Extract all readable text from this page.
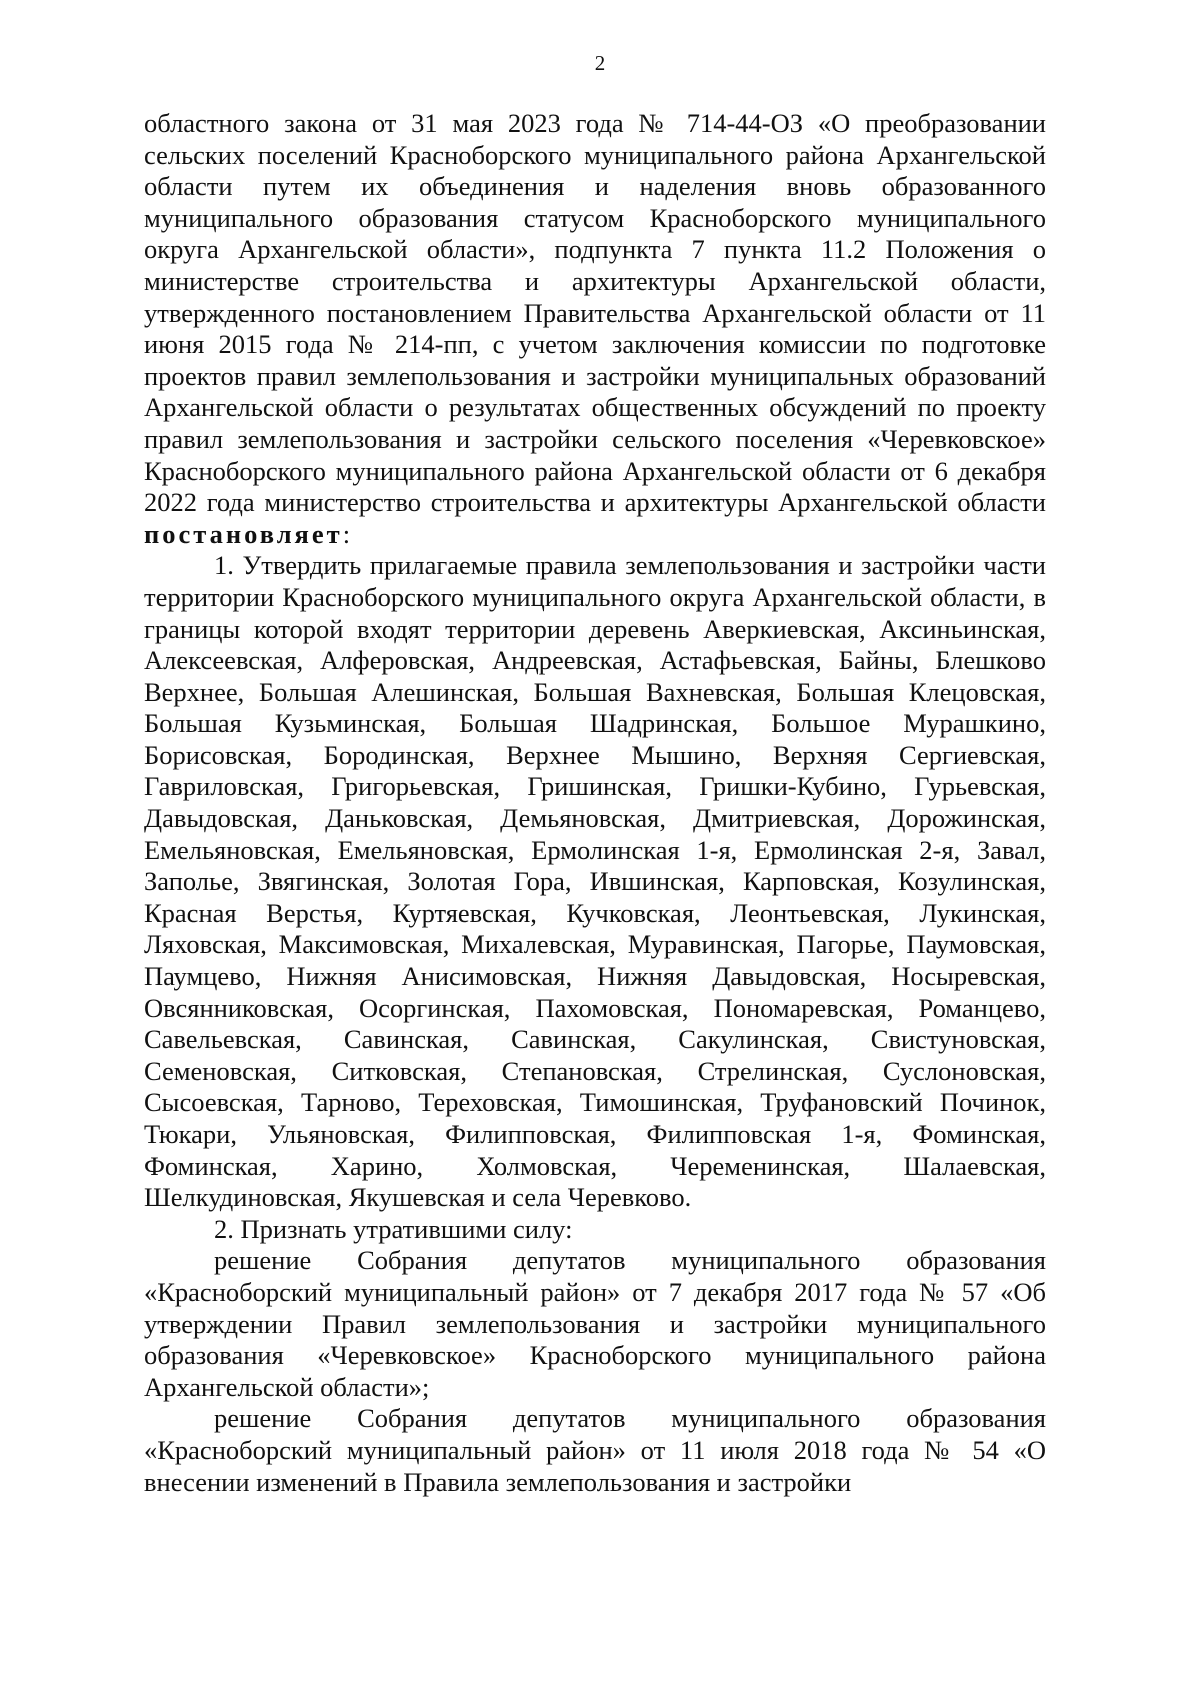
2

областного закона от 31 мая 2023 года № 714-44-ОЗ «О преобразовании сельских поселений Красноборского муниципального района Архангельской области путем их объединения и наделения вновь образованного муниципального образования статусом Красноборского муниципального округа Архангельской области», подпункта 7 пункта 11.2 Положения о министерстве строительства и архитектуры Архангельской области, утвержденного постановлением Правительства Архангельской области от 11 июня 2015 года № 214-пп, с учетом заключения комиссии по подготовке проектов правил землепользования и застройки муниципальных образований Архангельской области о результатах общественных обсуждений по проекту правил землепользования и застройки сельского поселения «Черевковское» Красноборского муниципального района Архангельской области от 6 декабря 2022 года министерство строительства и архитектуры Архангельской области постановляет:

1. Утвердить прилагаемые правила землепользования и застройки части территории Красноборского муниципального округа Архангельской области, в границы которой входят территории деревень Аверкиевская, Аксиньинская, Алексеевская, Алферовская, Андреевская, Астафьевская, Байны, Блешково Верхнее, Большая Алешинская, Большая Вахневская, Большая Клецовская, Большая Кузьминская, Большая Шадринская, Большое Мурашкино, Борисовская, Бородинская, Верхнее Мышино, Верхняя Сергиевская, Гавриловская, Григорьевская, Гришинская, Гришки-Кубино, Гурьевская, Давыдовская, Даньковская, Демьяновская, Дмитриевская, Дорожинская, Емельяновская, Емельяновская, Ермолинская 1-я, Ермолинская 2-я, Завал, Заполье, Звягинская, Золотая Гора, Ившинская, Карповская, Козулинская, Красная Верстья, Куртяевская, Кучковская, Леонтьевская, Лукинская, Ляховская, Максимовская, Михалевская, Муравинская, Пагорье, Паумовская, Паумцево, Нижняя Анисимовская, Нижняя Давыдовская, Носыревская, Овсянниковская, Осоргинская, Пахомовская, Пономаревская, Романцево, Савельевская, Савинская, Савинская, Сакулинская, Свистуновская, Семеновская, Ситковская, Степановская, Стрелинская, Суслоновская, Сысоевская, Тарново, Тереховская, Тимошинская, Труфановский Починок, Тюкари, Ульяновская, Филипповская, Филипповская 1-я, Фоминская, Фоминская, Харино, Холмовская, Череменинская, Шалаевская, Шелкудиновская, Якушевская и села Черевково.

2. Признать утратившими силу:

решение Собрания депутатов муниципального образования «Красноборский муниципальный район» от 7 декабря 2017 года № 57 «Об утверждении Правил землепользования и застройки муниципального образования «Черевковское» Красноборского муниципального района Архангельской области»;

решение Собрания депутатов муниципального образования «Красноборский муниципальный район» от 11 июля 2018 года № 54 «О внесении изменений в Правила землепользования и застройки
